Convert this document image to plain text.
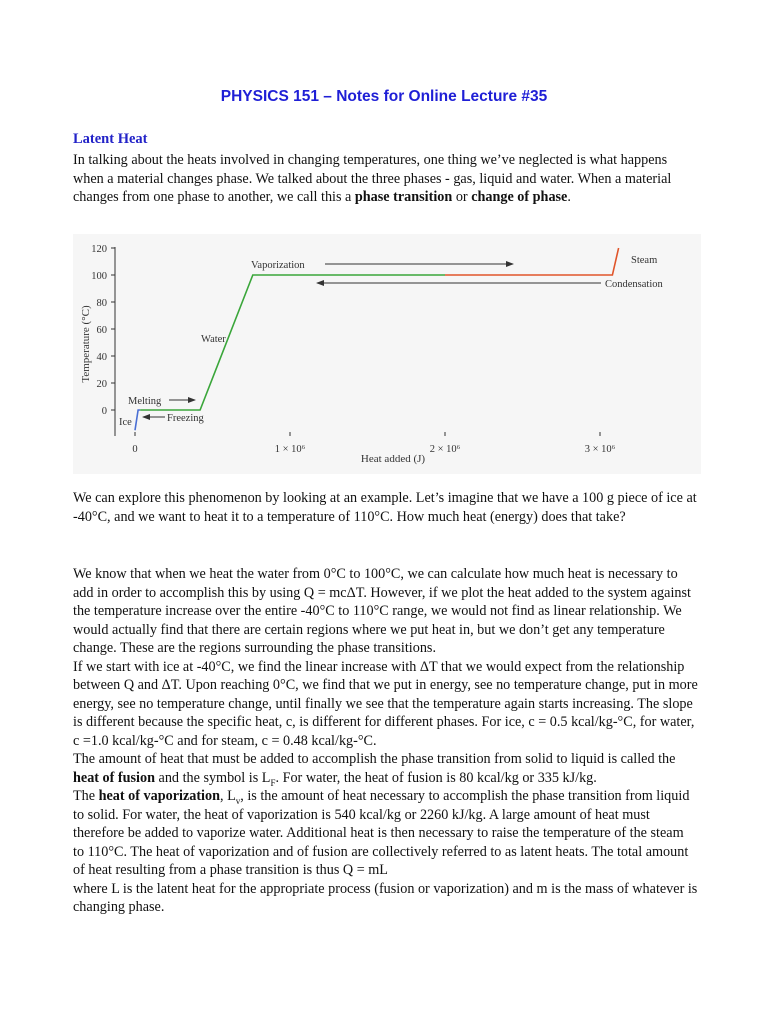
PHYSICS 151 – Notes for Online Lecture #35
Latent Heat

In talking about the heats involved in changing temperatures, one thing we’ve neglected is what happens when a material changes phase. We talked about the three phases - gas, liquid and water. When a material changes from one phase to another, we call this a phase transition or change of phase.

0
20
40
60
80
100
120
0	1 × 10⁶	2 × 10⁶	3 × 10⁶
Heat added (J)
Temperature (°C)
Vaporization
Condensation
Steam
Water
Melting
Freezing
Ice

We can explore this phenomenon by looking at an example. Let’s imagine that we have a 100 g piece of ice at -40°C, and we want to heat it to a temperature of 110°C. How much heat (energy) does that take?

We know that when we heat the water from 0°C to 100°C, we can calculate how much heat is necessary to add in order to accomplish this by using Q = mcΔT. However, if we plot the heat added to the system against the temperature increase over the entire -40°C to 110°C range, we would not find as linear relationship. We would actually find that there are certain regions where we put heat in, but we don’t get any temperature change. These are the regions surrounding the phase transitions.
If we start with ice at -40°C, we find the linear increase with ΔT that we would expect from the relationship between Q and ΔT. Upon reaching 0°C, we find that we put in energy, see no temperature change, put in more energy, see no temperature change, until finally we see that the temperature again starts increasing. The slope is different because the specific heat, c, is different for different phases. For ice, c = 0.5 kcal/kg-°C, for water, c =1.0 kcal/kg-°C and for steam, c = 0.48 kcal/kg-°C.
The amount of heat that must be added to accomplish the phase transition from solid to liquid is called the heat of fusion and the symbol is $L_F$. For water, the heat of fusion is 80 kcal/kg or 335 kJ/kg.
The heat of vaporization, $L_v$, is the amount of heat necessary to accomplish the phase transition from liquid to solid. For water, the heat of vaporization is 540 kcal/kg or 2260 kJ/kg. A large amount of heat must therefore be added to vaporize water. Additional heat is then necessary to raise the temperature of the steam to 110°C. The heat of vaporization and of fusion are collectively referred to as latent heats. The total amount of heat resulting from a phase transition is thus Q = mL
where L is the latent heat for the appropriate process (fusion or vaporization) and m is the mass of whatever is changing phase.
